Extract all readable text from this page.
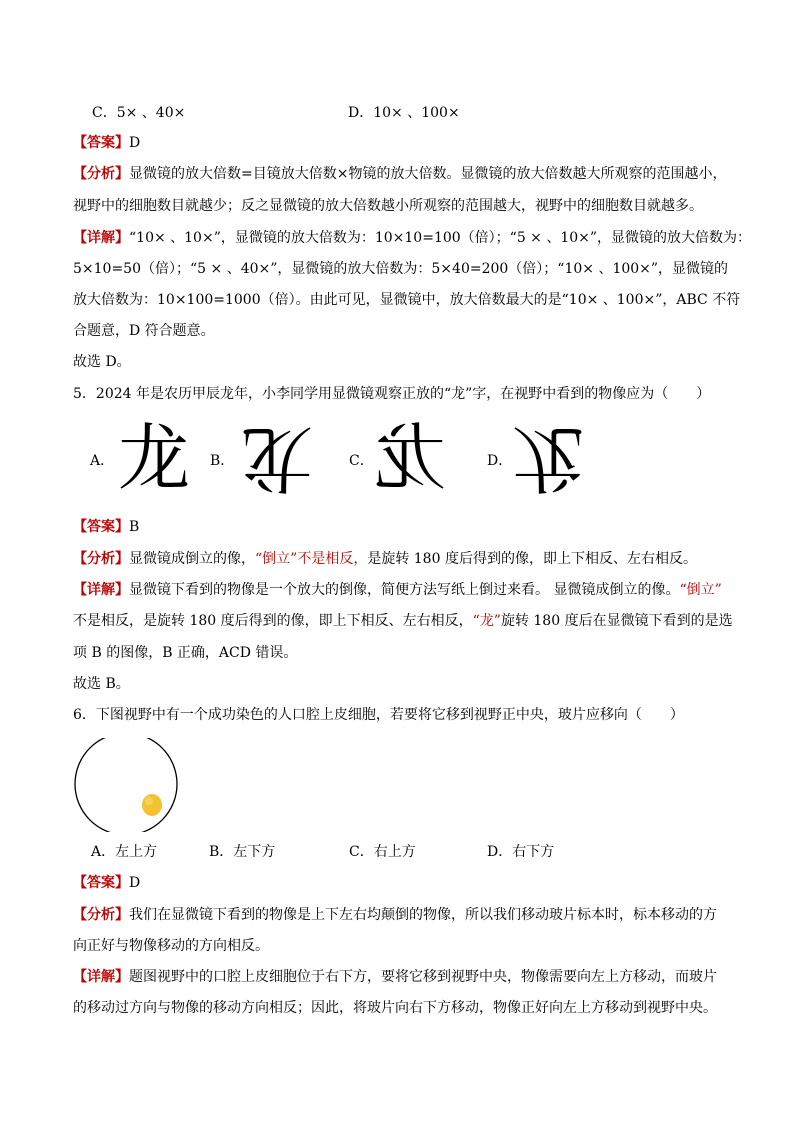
C．5× 、40×	D．10× 、100×
【答案】D
【分析】显微镜的放大倍数=目镜放大倍数×物镜的放大倍数。显微镜的放大倍数越大所观察的范围越小，
视野中的细胞数目就越少；反之显微镜的放大倍数越小所观察的范围越大，视野中的细胞数目就越多。
【详解】“10× 、10×”，显微镜的放大倍数为：10×10=100（倍）；“5 × 、10×”，显微镜的放大倍数为：
5×10=50（倍）；“5 × 、40×”，显微镜的放大倍数为：5×40=200（倍）；“10× 、100×”，显微镜的
放大倍数为：10×100=1000（倍）。由此可见，显微镜中，放大倍数最大的是“10× 、100×”，ABC 不符
合题意，D 符合题意。
故选 D。
5．2024 年是农历甲辰龙年，小李同学用显微镜观察正放的“龙”字，在视野中看到的物像应为（　　）
A． 龙 B． 龙	C． 龙	D． 龙
【答案】B
【分析】显微镜成倒立的像，“倒立”不是相反，是旋转 180 度后得到的像，即上下相反、左右相反。
【详解】显微镜下看到的物像是一个放大的倒像，简便方法写纸上倒过来看。 显微镜成倒立的像。“倒立”
不是相反，是旋转 180 度后得到的像，即上下相反、左右相反，“龙”旋转 180 度后在显微镜下看到的是选
项 B 的图像，B 正确，ACD 错误。
故选 B。
6．下图视野中有一个成功染色的人口腔上皮细胞，若要将它移到视野正中央，玻片应移向（　　）
A．左上方	B．左下方	C．右上方	D．右下方
【答案】D
【分析】我们在显微镜下看到的物像是上下左右均颠倒的物像，所以我们移动玻片标本时，标本移动的方
向正好与物像移动的方向相反。
【详解】题图视野中的口腔上皮细胞位于右下方，要将它移到视野中央，物像需要向左上方移动，而玻片
的移动过方向与物像的移动方向相反；因此，将玻片向右下方移动，物像正好向左上方移动到视野中央。
